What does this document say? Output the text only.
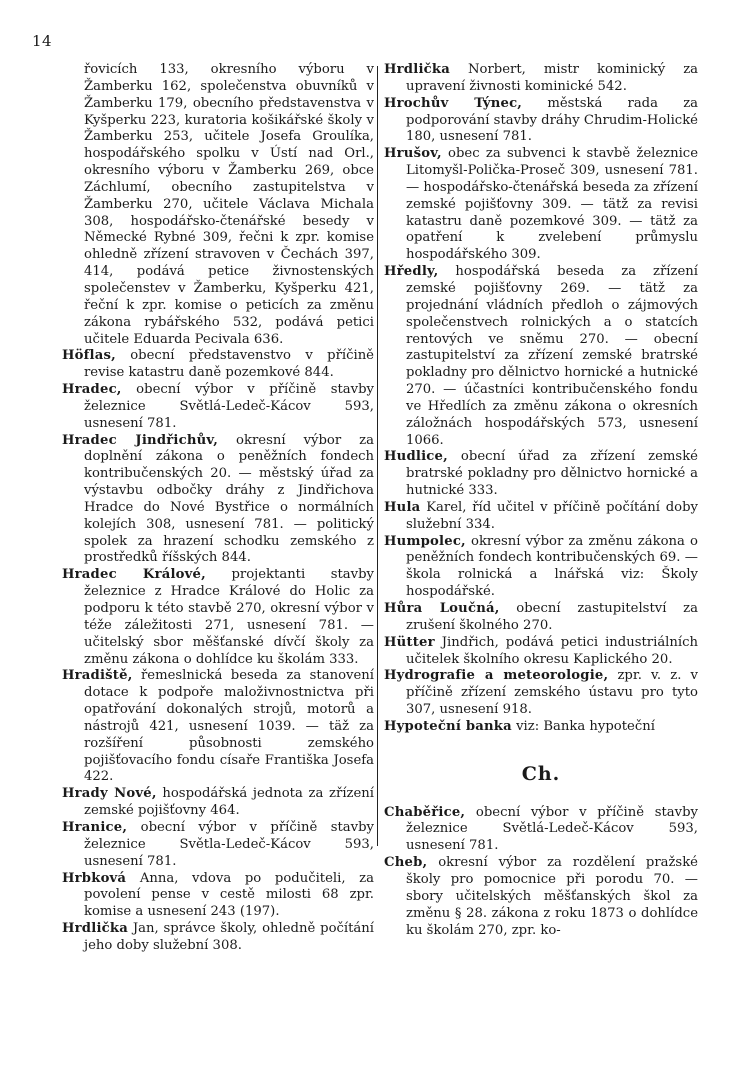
14

řovicích 133, okresního výboru v Žamberku 162, společenstva obuvníků v Žamberku 179, obecního představenstva v Kyšperku 223, kuratoria košikářské školy v Žamberku 253, učitele Josefa Groulíka, hospodářského spolku v Ústí nad Orl., okresního výboru v Žamberku 269, obce Záchlumí, obecního zastupitelstva v Žamberku 270, učitele Václava Michala 308, hospodářsko-čtenářské besedy v Německé Rybné 309, řečni k zpr. komise ohledně zřízení stravoven v Čechách 397, 414, podává petice živnostenských společenstev v Žamberku, Kyšperku 421, řeční k zpr. komise o peticích za změnu zákona rybářského 532, podává petici učitele Eduarda Pecivala 636.

Höflas, obecní představenstvo v příčině revise katastru daně pozemkové 844.

Hradec, obecní výbor v příčině stavby železnice Světlá-Ledeč-Kácov 593, usnesení 781.

Hradec Jindřichův, okresní výbor za doplnění zákona o peněžních fondech kontribučenských 20. — městský úřad za výstavbu odbočky dráhy z Jindřichova Hradce do Nové Bystřice o normálních kolejích 308, usnesení 781. — politický spolek za hrazení schodku zemského z prostředků říšských 844.

Hradec Králové, projektanti stavby železnice z Hradce Králové do Holic za podporu k této stavbě 270, okresní výbor v téže záležitosti 271, usnesení 781. — učitelský sbor měšťanské dívčí školy za změnu zákona o dohlídce ku školám 333.

Hradiště, řemeslnická beseda za stanovení dotace k podpoře maloživnostnictva při opatřování dokonalých strojů, motorů a nástrojů 421, usnesení 1039. — täž za rozšíření působnosti zemského pojišťovacího fondu císaře Františka Josefa 422.

Hrady Nové, hospodářská jednota za zřízení zemské pojišťovny 464.

Hranice, obecní výbor v příčině stavby železnice Světla-Ledeč-Kácov 593, usnesení 781.

Hrbková Anna, vdova po podučiteli, za povolení pense v cestě milosti 68 zpr. komise a usnesení 243 (197).

Hrdlička Jan, správce školy, ohledně počítání jeho doby služební 308.

Hrdlička Norbert, mistr kominický za upravení živnosti kominické 542.

Hrochův Týnec, městská rada za podporování stavby dráhy Chrudim-Holické 180, usnesení 781.

Hrušov, obec za subvenci k stavbě železnice Litomyšl-Polička-Proseč 309, usnesení 781. — hospodářsko-čtenářská beseda za zřízení zemské pojišťovny 309. — tätž za revisi katastru daně pozemkové 309. — tätž za opatření k zvelebení průmyslu hospodářského 309.

Hředly, hospodářská beseda za zřízení zemské pojišťovny 269. — tätž za projednání vládních předloh o zájmových společenstvech rolnických a o statcích rentových ve sněmu 270. — obecní zastupitelství za zřízení zemské bratrské pokladny pro dělnictvo hornické a hutnické 270. — účastníci kontribučenského fondu ve Hředlích za změnu zákona o okresních záložnách hospodářských 573, usnesení 1066.

Hudlice, obecní úřad za zřízení zemské bratrské pokladny pro dělnictvo hornické a hutnické 333.

Hula Karel, říd učitel v příčině počítání doby služební 334.

Humpolec, okresní výbor za změnu zákona o peněžních fondech kontribučenských 69. — škola rolnická a lnářská viz: Školy hospodářské.

Hůra Loučná, obecní zastupitelství za zrušení školného 270.

Hütter Jindřich, podává petici industriálních učitelek školního okresu Kaplického 20.

Hydrografie a meteorologie, zpr. v. z. v příčině zřízení zemského ústavu pro tyto 307, usnesení 918.

Hypoteční banka viz: Banka hypoteční

Ch.

Chaběřice, obecní výbor v příčině stavby železnice Světlá-Ledeč-Kácov 593, usnesení 781.

Cheb, okresní výbor za rozdělení pražské školy pro pomocnice při porodu 70. — sbory učitelských měšťanských škol za změnu § 28. zákona z roku 1873 o dohlídce ku školám 270, zpr. ko-
